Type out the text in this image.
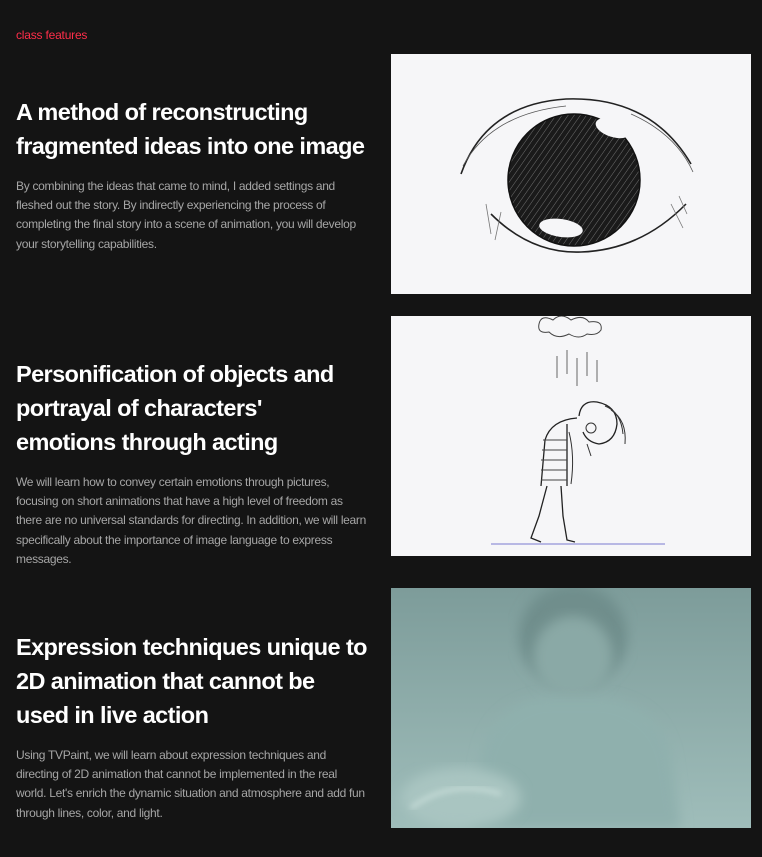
class features
A method of reconstructing
fragmented ideas into one image

By combining the ideas that came to mind, I added settings and fleshed out the story. By indirectly experiencing the process of completing the final story into a scene of animation, you will develop your storytelling capabilities.

Personification of objects and
portrayal of characters'
emotions through acting

We will learn how to convey certain emotions through pictures, focusing on short animations that have a high level of freedom as there are no universal standards for directing. In addition, we will learn specifically about the importance of image language to express messages.

Expression techniques unique to
2D animation that cannot be
used in live action

Using TVPaint, we will learn about expression techniques and directing of 2D animation that cannot be implemented in the real world. Let's enrich the dynamic situation and atmosphere and add fun through lines, color, and light.
